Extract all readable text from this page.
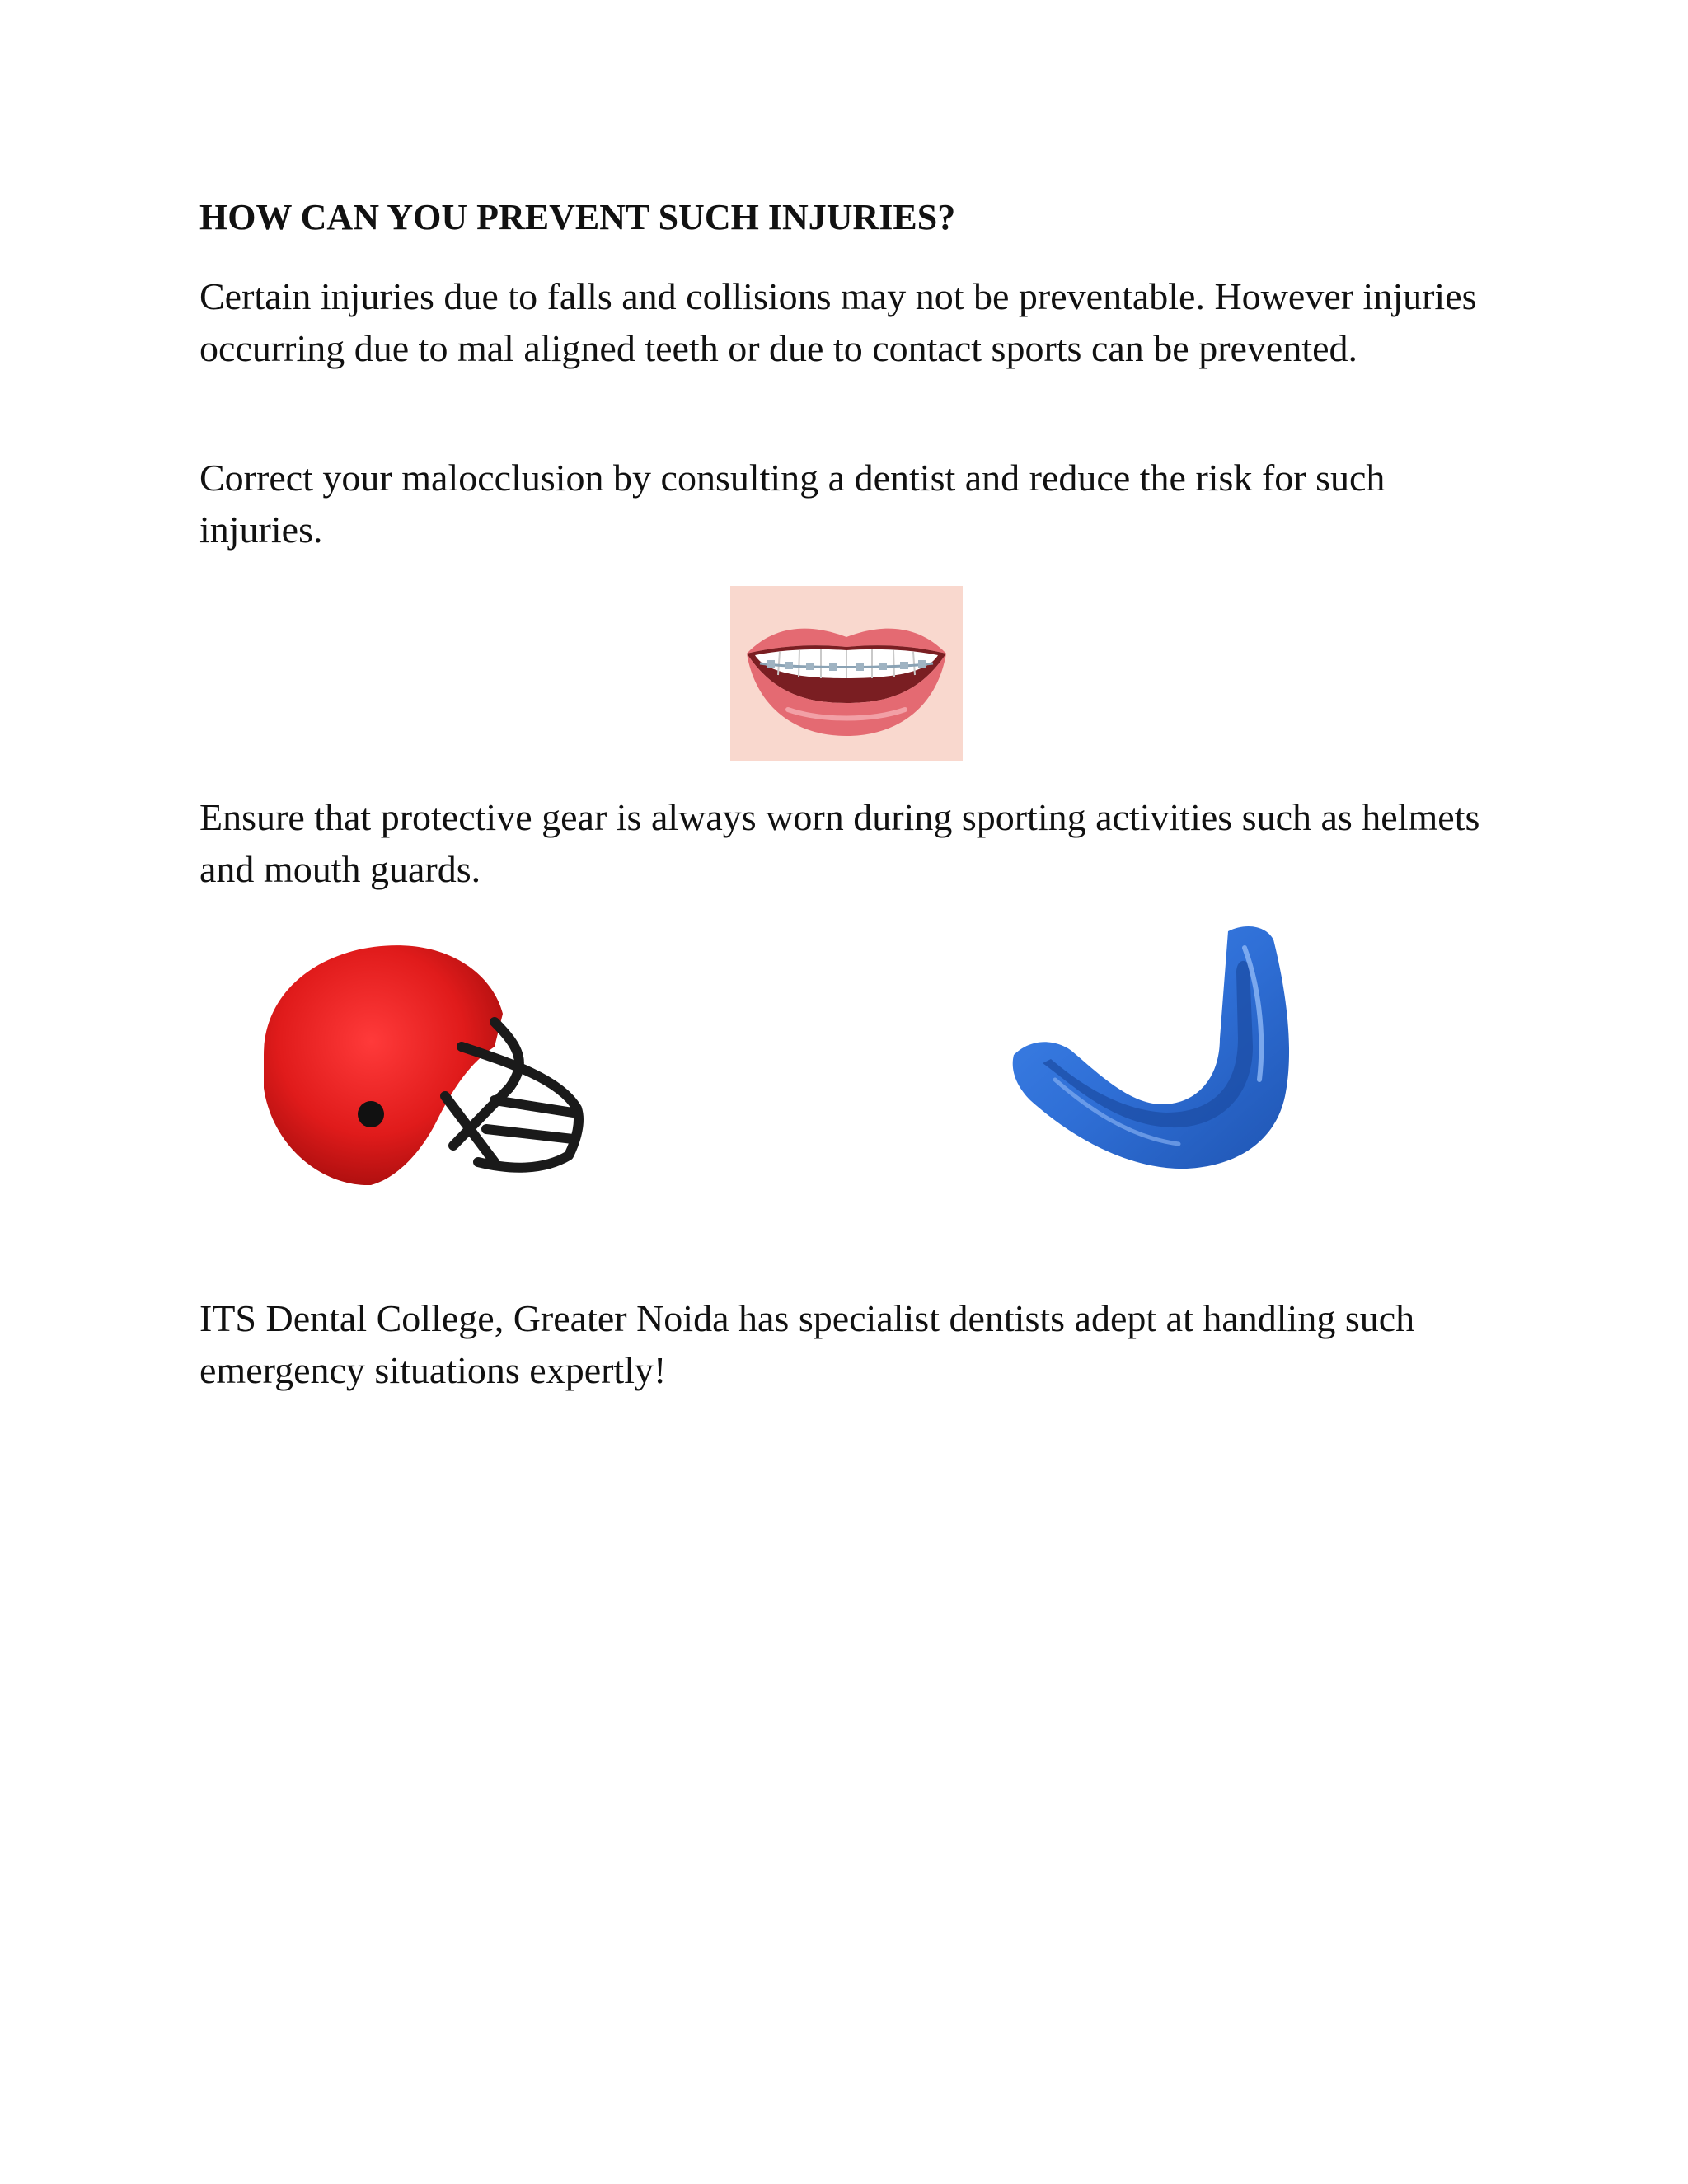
HOW CAN YOU PREVENT SUCH INJURIES?

Certain injuries due to falls and collisions may not be preventable. However injuries occurring due to mal aligned teeth or due to contact sports can be prevented.

Correct your malocclusion by consulting a dentist and reduce the risk for such injuries.

Ensure that protective gear is always worn during sporting activities such as helmets and mouth guards.

ITS Dental College, Greater Noida has specialist dentists adept at handling such emergency situations expertly!
